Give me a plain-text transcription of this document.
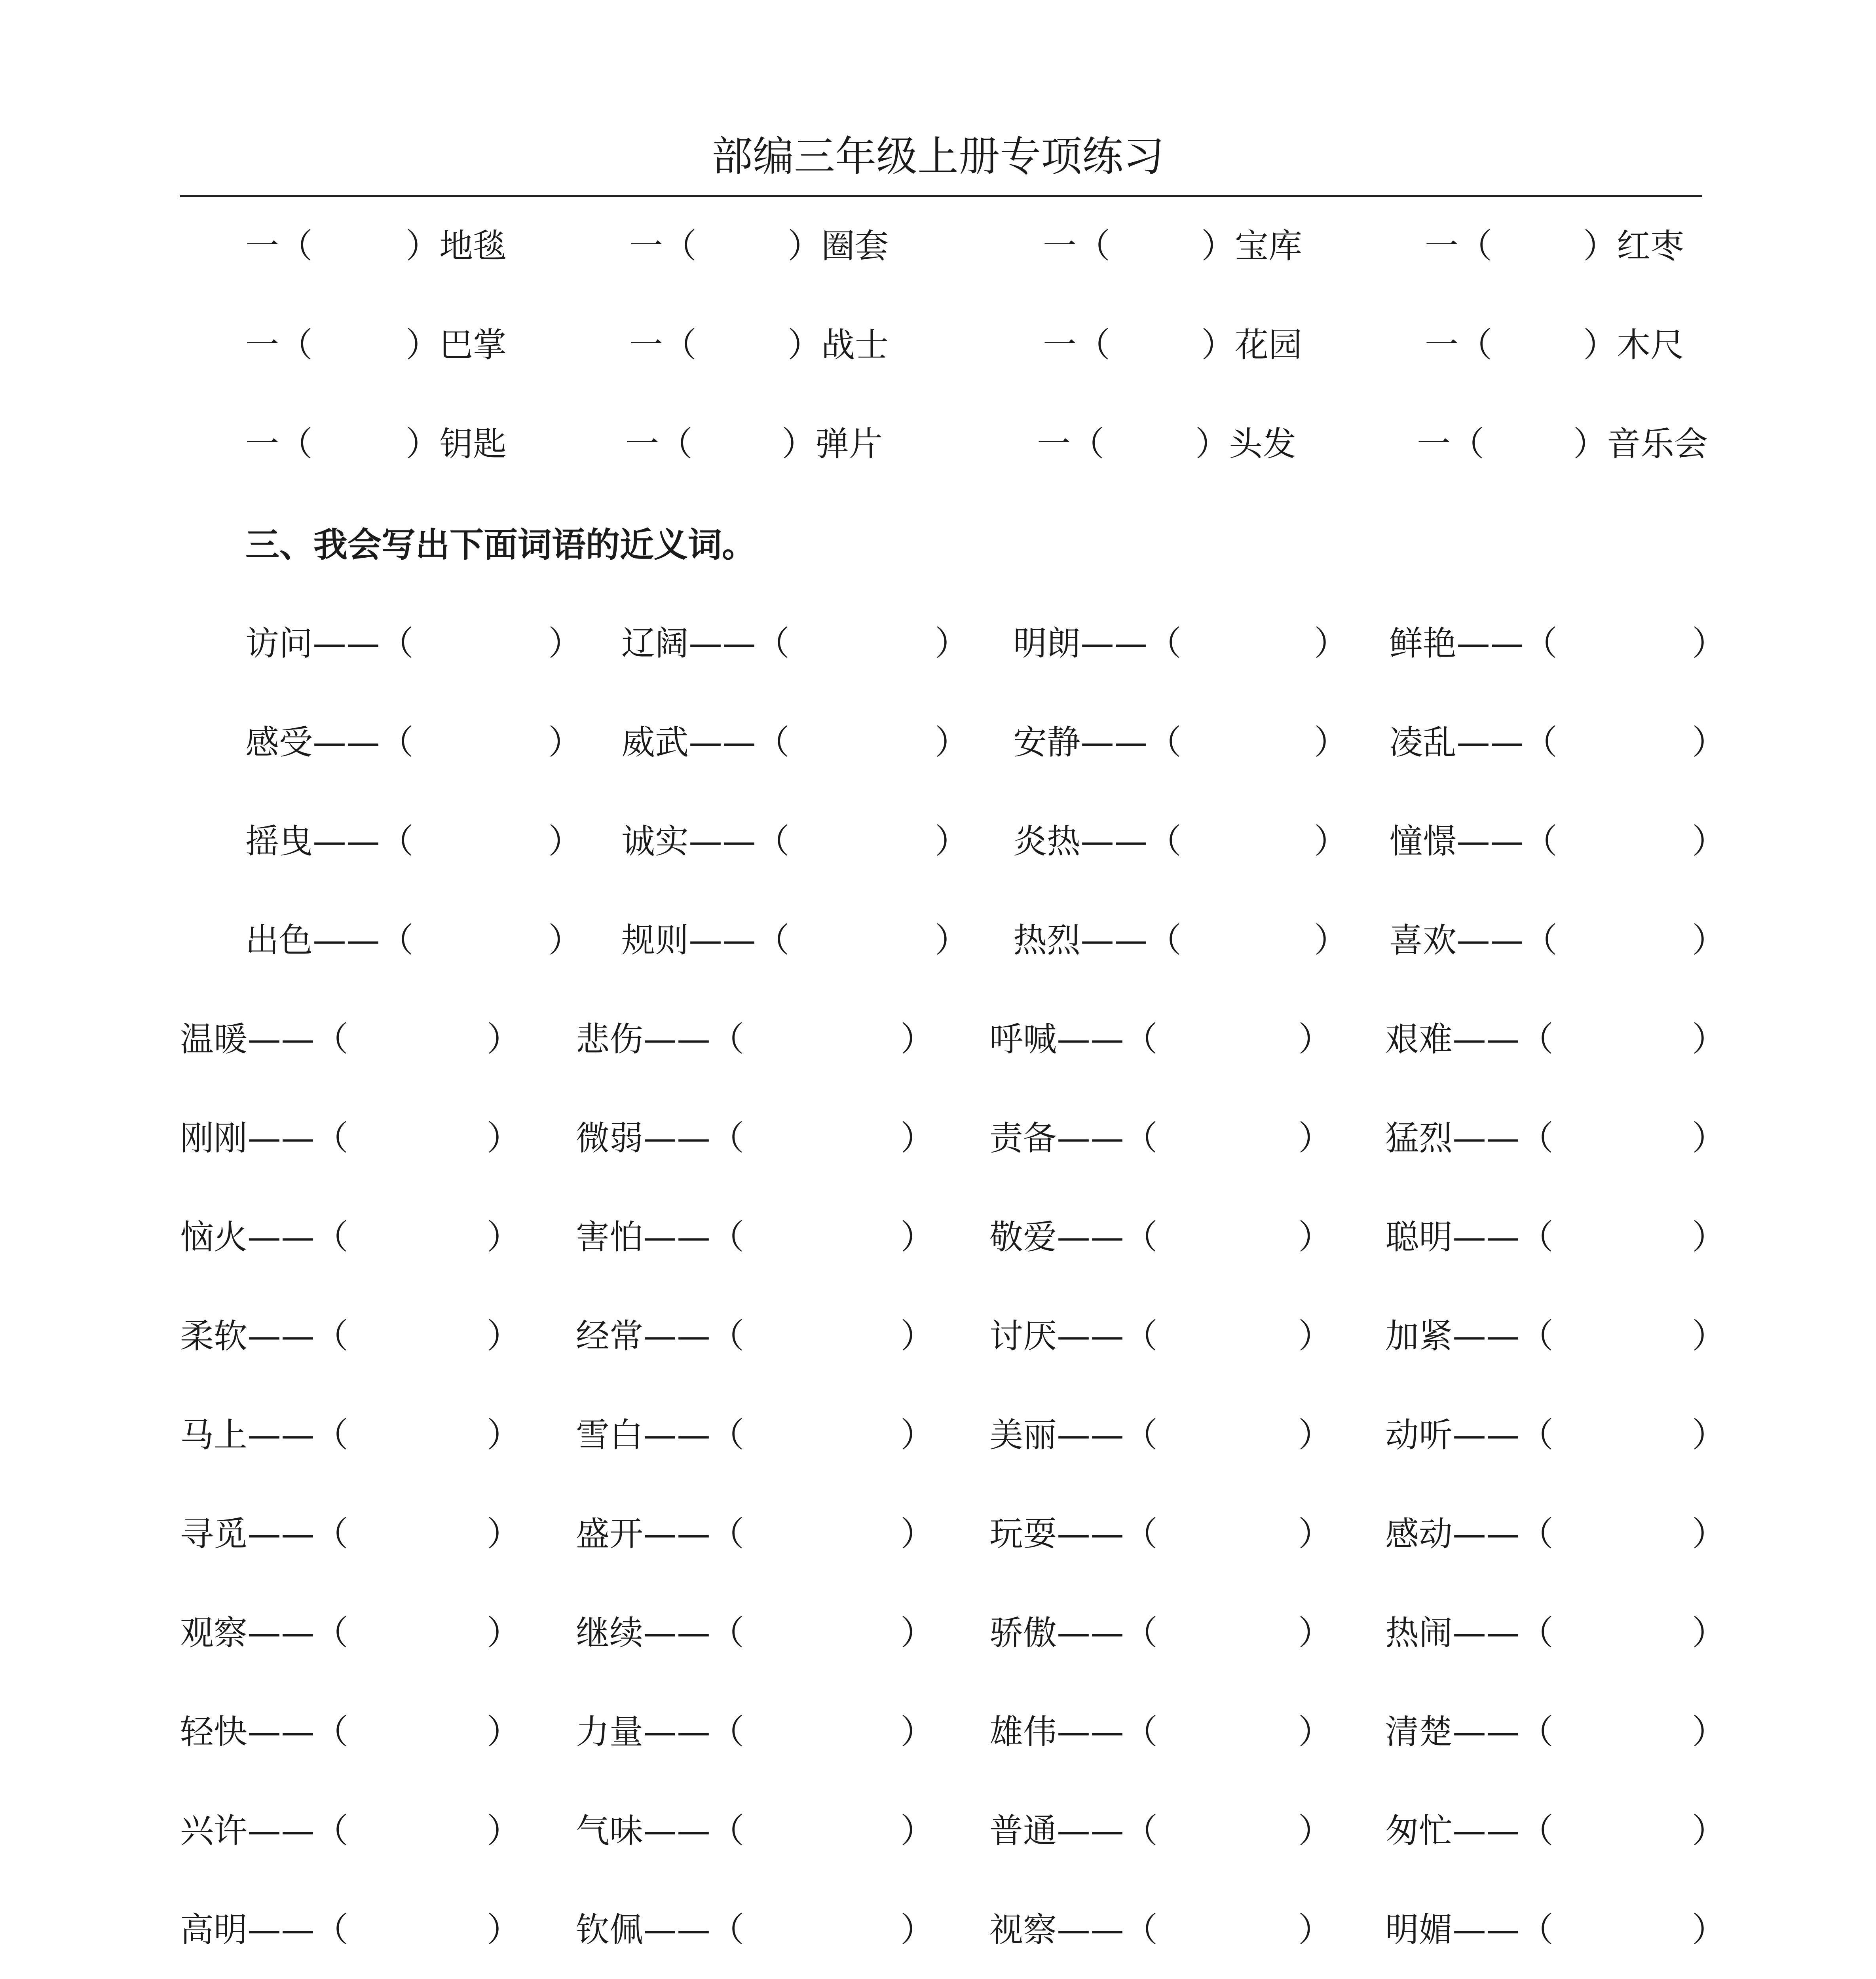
部编三年级上册专项练习
一（	）地毯	一（	）圈套	一（	）宝库	一（	）红枣
一（	）巴掌	一（	）战士	一（	）花园	一（	）木尺
一（	）钥匙	一（	）弹片	一（	）头发	一（	）音乐会
三、我会写出下面词语的近义词。
访问 ——（	） 辽阔 ——（	） 明朗 ——（	） 鲜艳 ——（	）
感受 ——（	） 威武 ——（	） 安静 ——（	） 凌乱 ——（	）
摇曳 ——（	） 诚实 ——（	） 炎热 ——（	） 憧憬 ——（	）
出色 ——（	） 规则 ——（	） 热烈 ——（	） 喜欢 ——（	）
温暖 ——（	） 悲伤 ——（	） 呼喊 ——（	） 艰难 ——（	）
刚刚 ——（	） 微弱 ——（	） 责备 ——（	） 猛烈 ——（	）
恼火 ——（	） 害怕 ——（	） 敬爱 ——（	） 聪明 ——（	）
柔软 ——（	） 经常 ——（	） 讨厌 ——（	） 加紧 ——（	）
马上 ——（	） 雪白 ——（	） 美丽 ——（	） 动听 ——（	）
寻觅 ——（	） 盛开 ——（	） 玩耍 ——（	） 感动 ——（	）
观察 ——（	） 继续 ——（	） 骄傲 ——（	） 热闹 ——（	）
轻快 ——（	） 力量 ——（	） 雄伟 ——（	） 清楚 ——（	）
兴许 ——（	） 气味 ——（	） 普通 ——（	） 匆忙 ——（	）
高明 ——（	） 钦佩 ——（	） 视察 ——（	） 明媚 ——（	）
